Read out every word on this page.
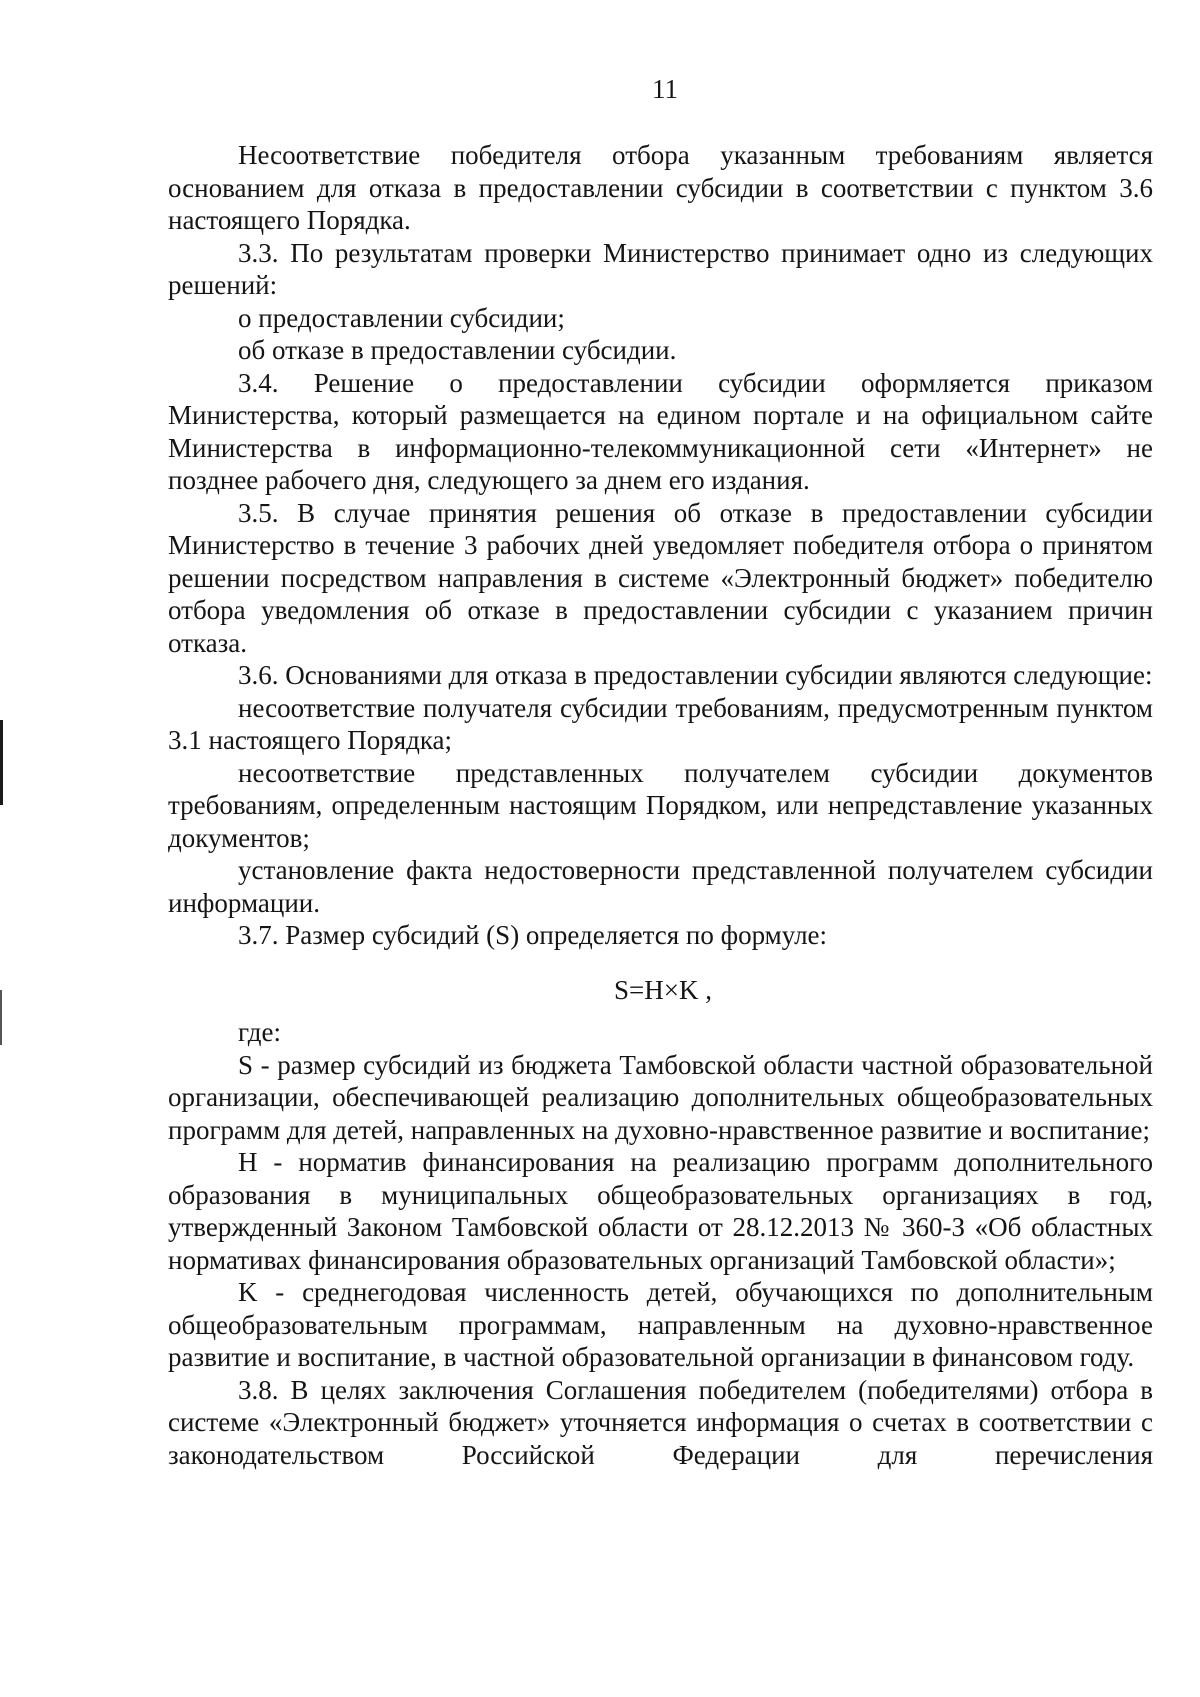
11

Несоответствие победителя отбора указанным требованиям является основанием для отказа в предоставлении субсидии в соответствии с пунктом 3.6 настоящего Порядка.

3.3. По результатам проверки Министерство принимает одно из следующих решений:

о предоставлении субсидии;

об отказе в предоставлении субсидии.

3.4. Решение о предоставлении субсидии оформляется приказом Министерства, который размещается на едином портале и на официальном сайте Министерства в информационно-телекоммуникационной сети «Интернет» не позднее рабочего дня, следующего за днем его издания.

3.5. В случае принятия решения об отказе в предоставлении субсидии Министерство в течение 3 рабочих дней уведомляет победителя отбора о принятом решении посредством направления в системе «Электронный бюджет» победителю отбора уведомления об отказе в предоставлении субсидии с указанием причин отказа.

3.6. Основаниями для отказа в предоставлении субсидии являются следующие:

несоответствие получателя субсидии требованиям, предусмотренным пунктом 3.1 настоящего Порядка;

несоответствие представленных получателем субсидии документов требованиям, определенным настоящим Порядком, или непредставление указанных документов;

установление факта недостоверности представленной получателем субсидии информации.

3.7. Размер субсидий (S) определяется по формуле:

S=H×K ,

где:

S - размер субсидий из бюджета Тамбовской области частной образовательной организации, обеспечивающей реализацию дополнительных общеобразовательных программ для детей, направленных на духовно-нравственное развитие и воспитание;

H - норматив финансирования на реализацию программ дополнительного образования в муниципальных общеобразовательных организациях в год, утвержденный Законом Тамбовской области от 28.12.2013 № 360-З «Об областных нормативах финансирования образовательных организаций Тамбовской области»;

K - среднегодовая численность детей, обучающихся по дополнительным общеобразовательным программам, направленным на духовно-нравственное развитие и воспитание, в частной образовательной организации в финансовом году.

3.8. В целях заключения Соглашения победителем (победителями) отбора в системе «Электронный бюджет» уточняется информация о счетах в соответствии с законодательством Российской Федерации для перечисления
